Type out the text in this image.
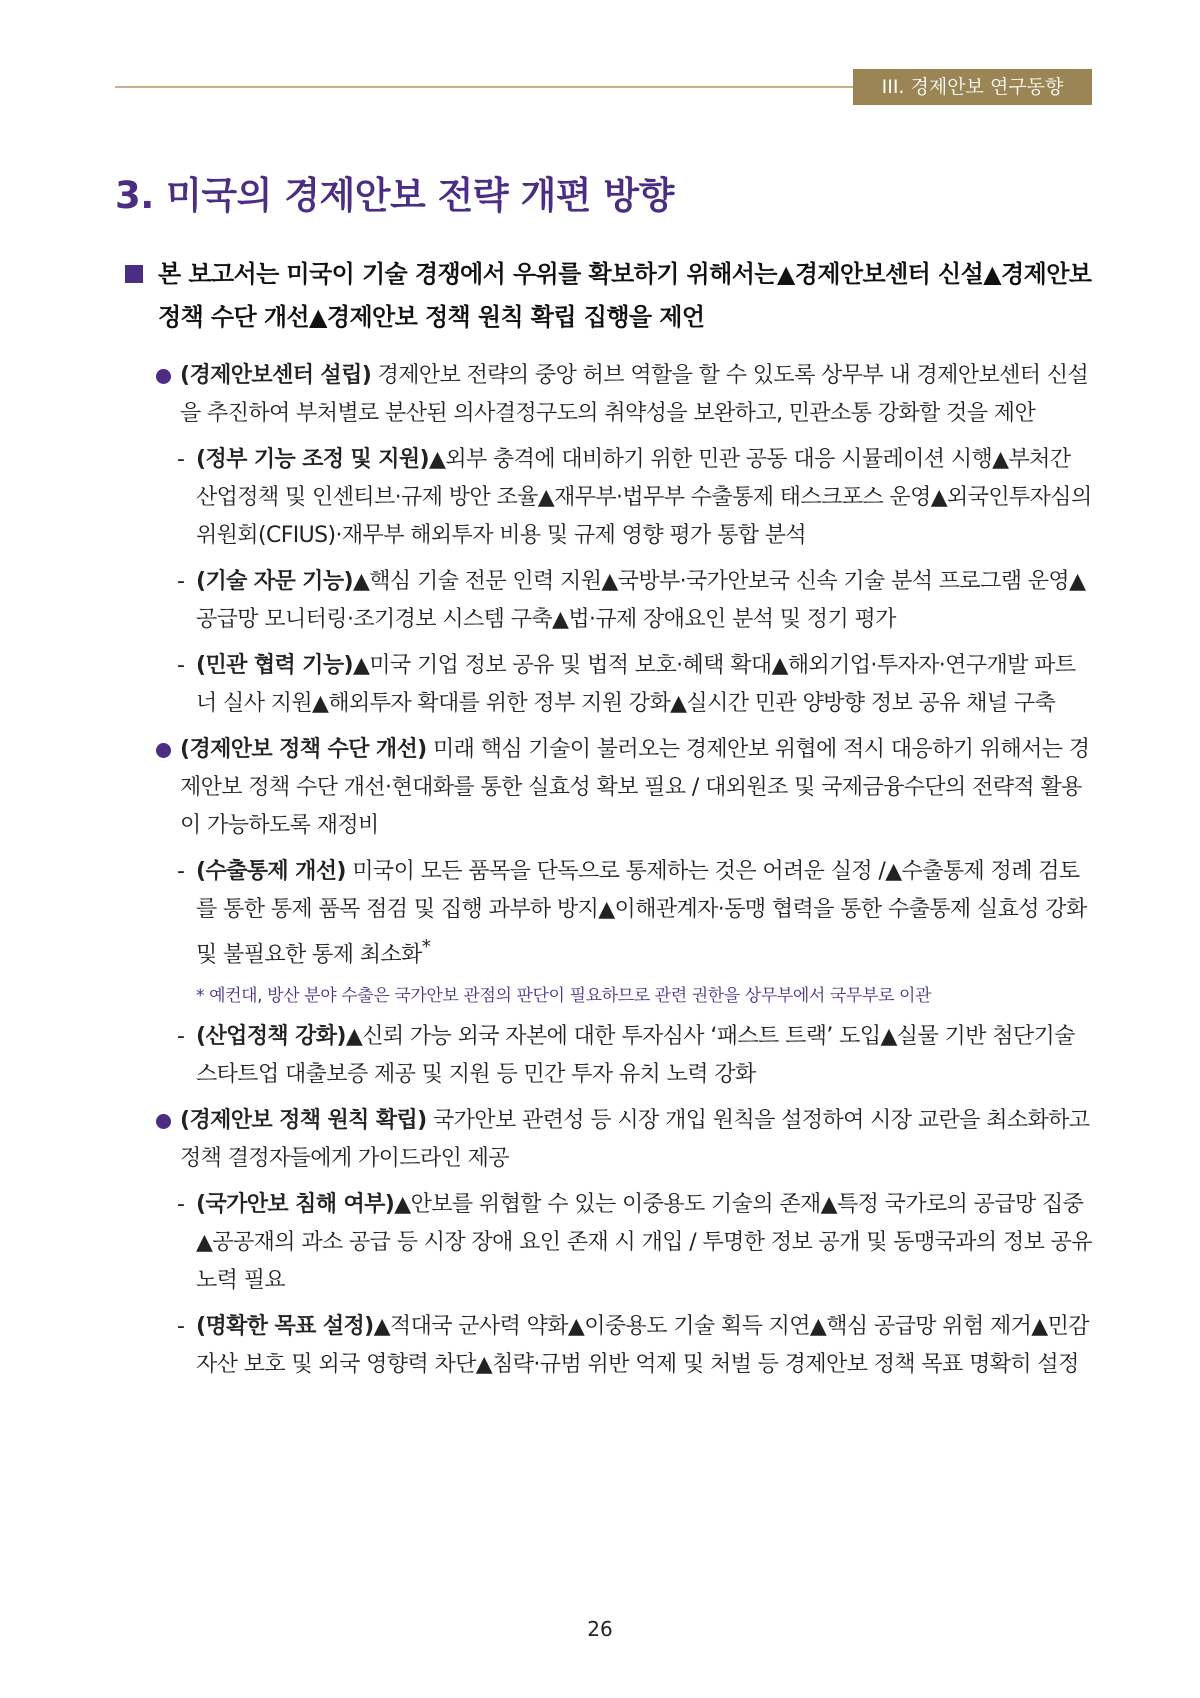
III. 경제안보 연구동향
3. 미국의 경제안보 전략 개편 방향
본 보고서는 미국이 기술 경쟁에서 우위를 확보하기 위해서는▲경제안보센터 신설▲경제안보 정책 수단 개선▲경제안보 정책 원칙 확립 집행을 제언
(경제안보센터 설립) 경제안보 전략의 중앙 허브 역할을 할 수 있도록 상무부 내 경제안보센터 신설을 추진하여 부처별로 분산된 의사결정구도의 취약성을 보완하고, 민관소통 강화할 것을 제안
- (정부 기능 조정 및 지원)▲외부 충격에 대비하기 위한 민관 공동 대응 시뮬레이션 시행▲부처간 산업정책 및 인센티브·규제 방안 조율▲재무부·법무부 수출통제 태스크포스 운영▲외국인투자심의위원회(CFIUS)·재무부 해외투자 비용 및 규제 영향 평가 통합 분석
- (기술 자문 기능)▲핵심 기술 전문 인력 지원▲국방부·국가안보국 신속 기술 분석 프로그램 운영▲공급망 모니터링·조기경보 시스템 구축▲법·규제 장애요인 분석 및 정기 평가
- (민관 협력 기능)▲미국 기업 정보 공유 및 법적 보호·혜택 확대▲해외기업·투자자·연구개발 파트너 실사 지원▲해외투자 확대를 위한 정부 지원 강화▲실시간 민관 양방향 정보 공유 채널 구축
(경제안보 정책 수단 개선) 미래 핵심 기술이 불러오는 경제안보 위협에 적시 대응하기 위해서는 경제안보 정책 수단 개선·현대화를 통한 실효성 확보 필요 / 대외원조 및 국제금융수단의 전략적 활용이 가능하도록 재정비
- (수출통제 개선) 미국이 모든 품목을 단독으로 통제하는 것은 어려운 실정 /▲수출통제 정례 검토를 통한 통제 품목 점검 및 집행 과부하 방지▲이해관계자·동맹 협력을 통한 수출통제 실효성 강화 및 불필요한 통제 최소화*
* 예컨대, 방산 분야 수출은 국가안보 관점의 판단이 필요하므로 관련 권한을 상무부에서 국무부로 이관
- (산업정책 강화)▲신뢰 가능 외국 자본에 대한 투자심사 ‘패스트 트랙’ 도입▲실물 기반 첨단기술 스타트업 대출보증 제공 및 지원 등 민간 투자 유치 노력 강화
(경제안보 정책 원칙 확립) 국가안보 관련성 등 시장 개입 원칙을 설정하여 시장 교란을 최소화하고 정책 결정자들에게 가이드라인 제공
- (국가안보 침해 여부)▲안보를 위협할 수 있는 이중용도 기술의 존재▲특정 국가로의 공급망 집중▲공공재의 과소 공급 등 시장 장애 요인 존재 시 개입 / 투명한 정보 공개 및 동맹국과의 정보 공유 노력 필요
- (명확한 목표 설정)▲적대국 군사력 약화▲이중용도 기술 획득 지연▲핵심 공급망 위험 제거▲민감 자산 보호 및 외국 영향력 차단▲침략·규범 위반 억제 및 처벌 등 경제안보 정책 목표 명확히 설정
26
